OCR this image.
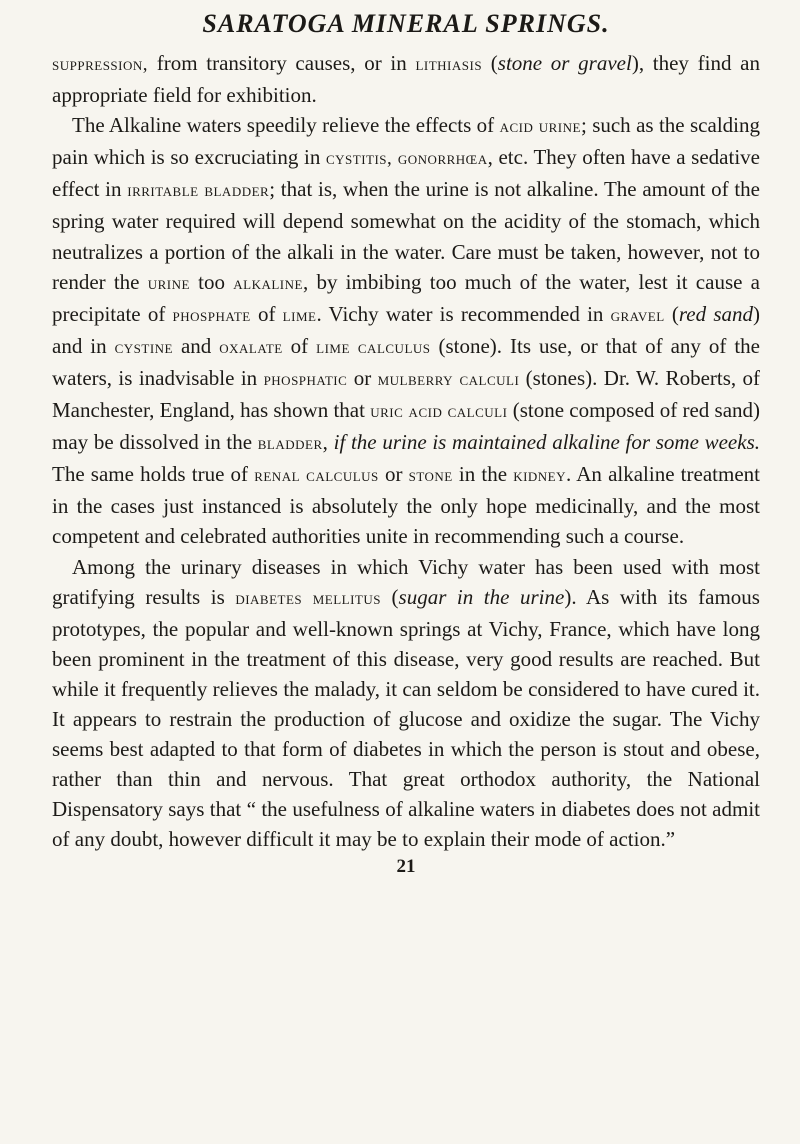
SARATOGA MINERAL SPRINGS.

suppression, from transitory causes, or in lithiasis (stone or gravel), they find an appropriate field for exhibition.

The Alkaline waters speedily relieve the effects of acid urine; such as the scalding pain which is so excruciating in cystitis, gonorrhœa, etc. They often have a sedative effect in irritable bladder; that is, when the urine is not alkaline. The amount of the spring water required will depend somewhat on the acidity of the stomach, which neutralizes a portion of the alkali in the water. Care must be taken, however, not to render the urine too alkaline, by imbibing too much of the water, lest it cause a precipitate of phosphate of lime. Vichy water is recommended in gravel (red sand) and in cystine and oxalate of lime calculus (stone). Its use, or that of any of the waters, is inadvisable in phosphatic or mulberry calculi (stones). Dr. W. Roberts, of Manchester, England, has shown that uric acid calculi (stone composed of red sand) may be dissolved in the bladder, if the urine is maintained alkaline for some weeks. The same holds true of renal calculus or stone in the kidney. An alkaline treatment in the cases just instanced is absolutely the only hope medicinally, and the most competent and celebrated authorities unite in recommending such a course.

Among the urinary diseases in which Vichy water has been used with most gratifying results is diabetes mellitus (sugar in the urine). As with its famous prototypes, the popular and well-known springs at Vichy, France, which have long been prominent in the treatment of this disease, very good results are reached. But while it frequently relieves the malady, it can seldom be considered to have cured it. It appears to restrain the production of glucose and oxidize the sugar. The Vichy seems best adapted to that form of diabetes in which the person is stout and obese, rather than thin and nervous. That great orthodox authority, the National Dispensatory says that “ the usefulness of alkaline waters in diabetes does not admit of any doubt, however difficult it may be to explain their mode of action.”

21
